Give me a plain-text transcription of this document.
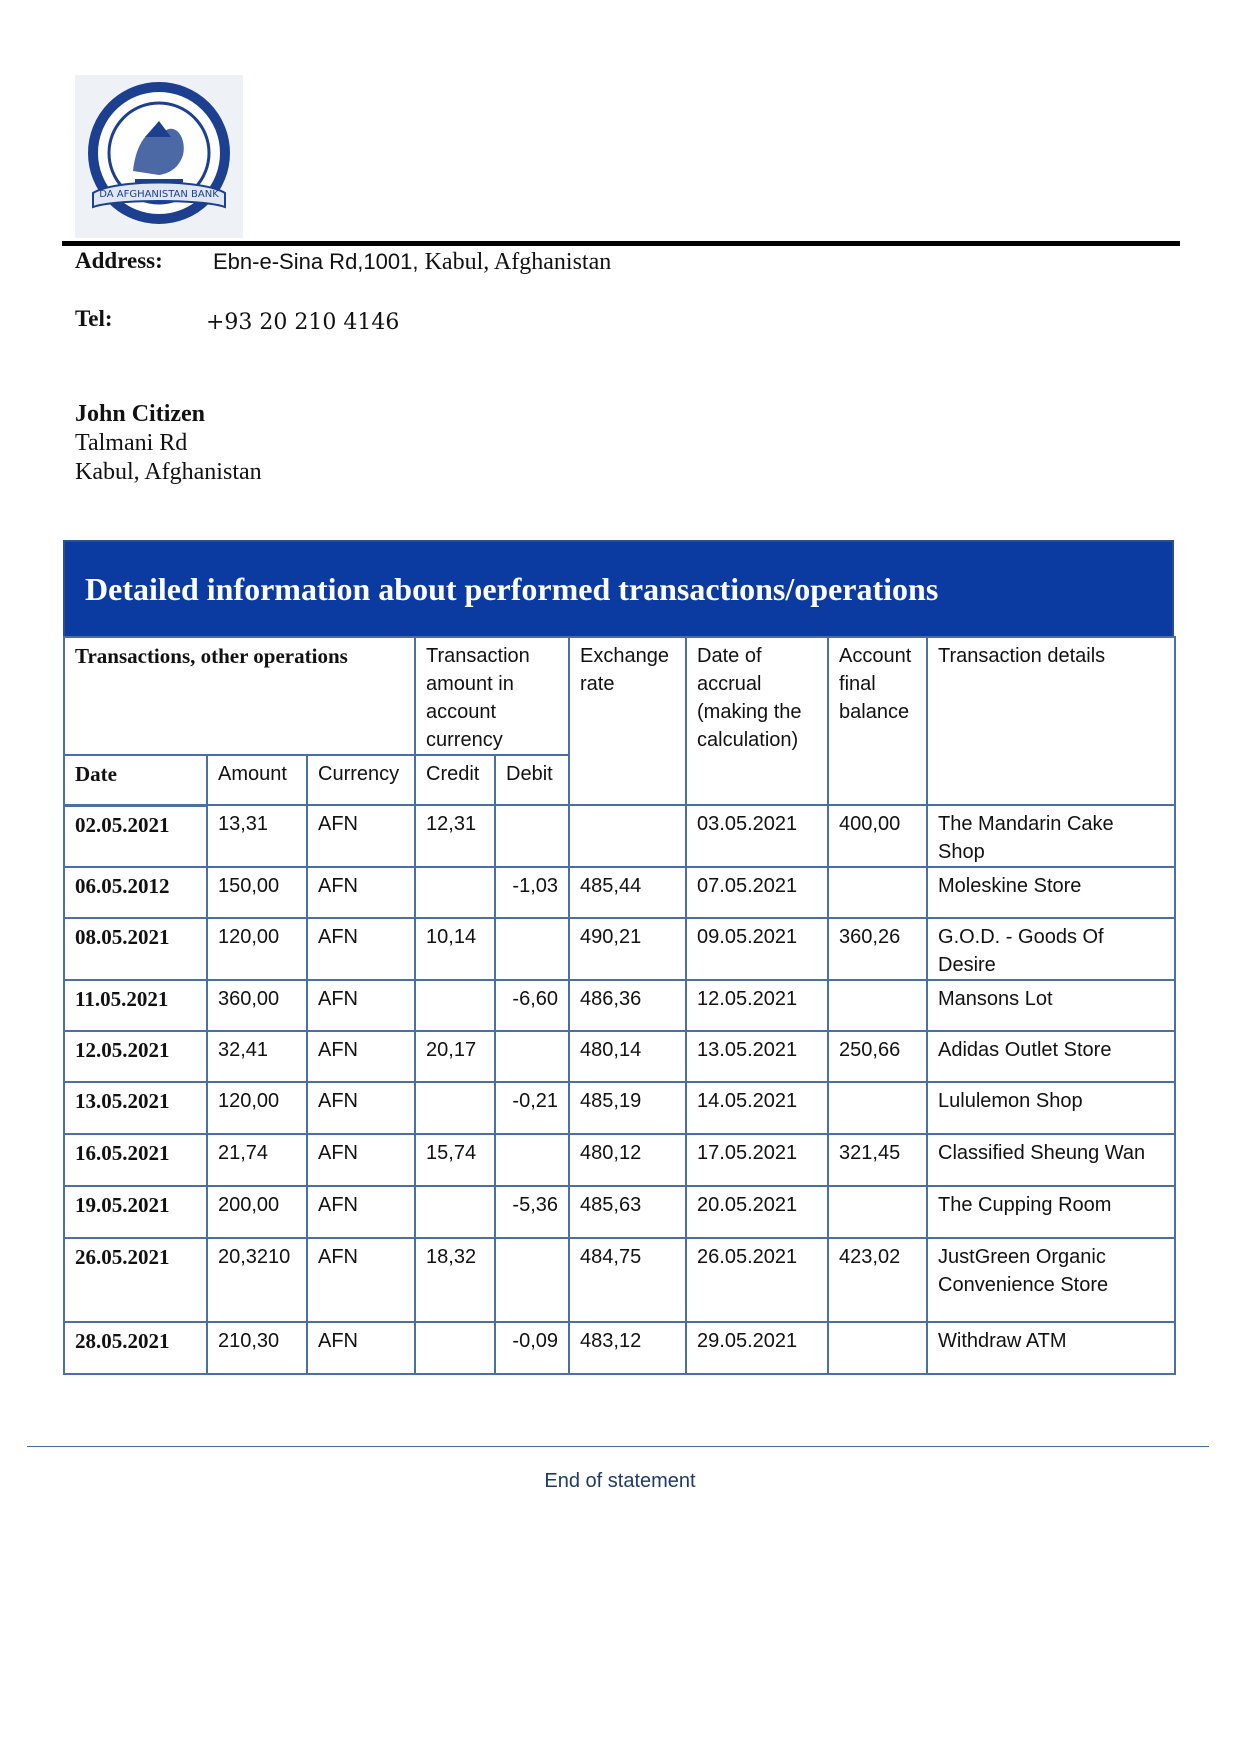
DA AFGHANISTAN BANK
Address: Ebn-e-Sina Rd,1001, Kabul, Afghanistan
Tel:	+93 20 210 4146
John Citizen
Talmani Rd
Kabul, Afghanistan
Detailed information about performed transactions/operations
Transactions, other operations			Transaction amount in account currency		Exchange rate	Date of accrual (making the calculation)	Account final balance	Transaction details
Date	Amount	Currency	Credit	Debit				
02.05.2021	13,31	AFN	12,31			03.05.2021	400,00	The Mandarin Cake Shop
06.05.2012	150,00	AFN		-1,03	485,44	07.05.2021		Moleskine Store
08.05.2021	120,00	AFN	10,14		490,21	09.05.2021	360,26	G.O.D. - Goods Of Desire
11.05.2021	360,00	AFN		-6,60	486,36	12.05.2021		Mansons Lot
12.05.2021	32,41	AFN	20,17		480,14	13.05.2021	250,66	Adidas Outlet Store
13.05.2021	120,00	AFN		-0,21	485,19	14.05.2021		Lululemon Shop
16.05.2021	21,74	AFN	15,74		480,12	17.05.2021	321,45	Classified Sheung Wan
19.05.2021	200,00	AFN		-5,36	485,63	20.05.2021		The Cupping Room
26.05.2021	20,3210	AFN	18,32		484,75	26.05.2021	423,02	JustGreen Organic Convenience Store
28.05.2021	210,30	AFN		-0,09	483,12	29.05.2021		Withdraw ATM
End of statement
